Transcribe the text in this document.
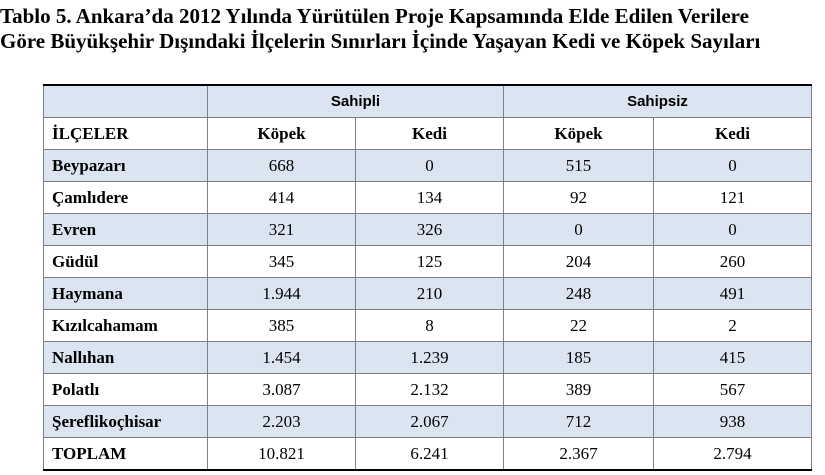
Tablo 5. Ankara’da 2012 Yılında Yürütülen Proje Kapsamında Elde Edilen Verilere
Göre Büyükşehir Dışındaki İlçelerin Sınırları İçinde Yaşayan Kedi ve Köpek Sayıları
	Sahipli		Sahipsiz	
İLÇELER	Köpek	Kedi	Köpek	Kedi
Beypazarı	668	0	515	0
Çamlıdere	414	134	92	121
Evren	321	326	0	0
Güdül	345	125	204	260
Haymana	1.944	210	248	491
Kızılcahamam	385	8	22	2
Nallıhan	1.454	1.239	185	415
Polatlı	3.087	2.132	389	567
Şereflikoçhisar	2.203	2.067	712	938
TOPLAM	10.821	6.241	2.367	2.794
